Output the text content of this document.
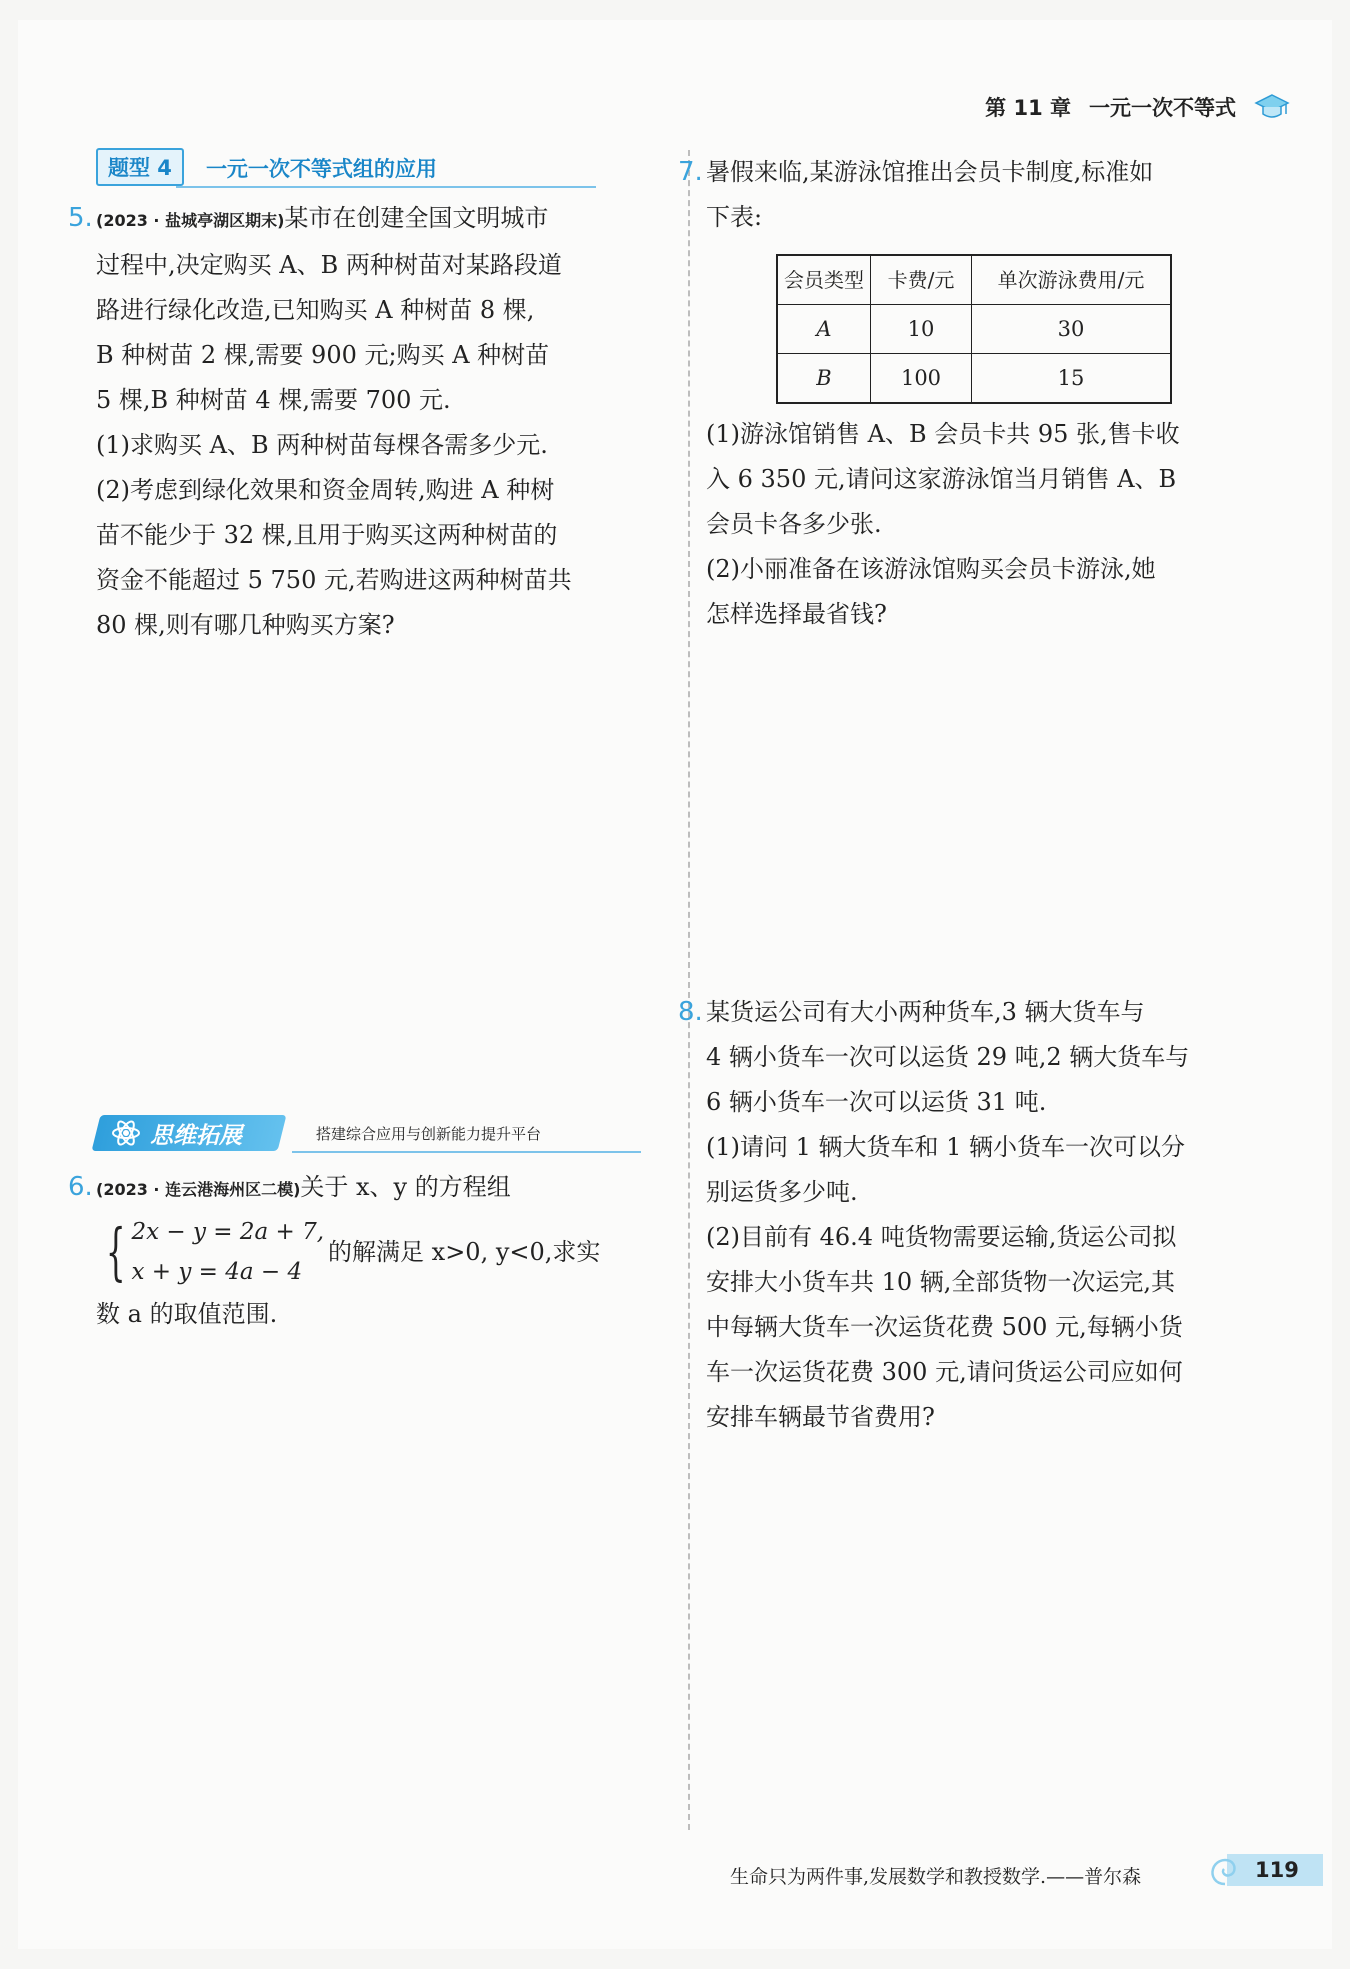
第 11 章 一元一次不等式
题型 4	一元一次不等式组的应用
5. (2023 · 盐城亭湖区期末)某市在创建全国文明城市
过程中,决定购买 A、B 两种树苗对某路段道
路进行绿化改造,已知购买 A 种树苗 8 棵,
B 种树苗 2 棵,需要 900 元;购买 A 种树苗
5 棵,B 种树苗 4 棵,需要 700 元.
(1)求购买 A、B 两种树苗每棵各需多少元.
(2)考虑到绿化效果和资金周转,购进 A 种树
苗不能少于 32 棵,且用于购买这两种树苗的
资金不能超过 5 750 元,若购进这两种树苗共
80 棵,则有哪几种购买方案?
思维拓展	搭建综合应用与创新能力提升平台
6. (2023 · 连云港海州区二模)关于 x、y 的方程组
{ 2x − y = 2a + 7,
x + y = 4a − 4
的解满足 x>0, y<0,求实
数 a 的取值范围.
7. 暑假来临,某游泳馆推出会员卡制度,标准如
下表:
会员类型	卡费/元	单次游泳费用/元
A	10	30
B	100	15
(1)游泳馆销售 A、B 会员卡共 95 张,售卡收
入 6 350 元,请问这家游泳馆当月销售 A、B
会员卡各多少张.
(2)小丽准备在该游泳馆购买会员卡游泳,她
怎样选择最省钱?
8. 某货运公司有大小两种货车,3 辆大货车与
4 辆小货车一次可以运货 29 吨,2 辆大货车与
6 辆小货车一次可以运货 31 吨.
(1)请问 1 辆大货车和 1 辆小货车一次可以分
别运货多少吨.
(2)目前有 46.4 吨货物需要运输,货运公司拟
安排大小货车共 10 辆,全部货物一次运完,其
中每辆大货车一次运货花费 500 元,每辆小货
车一次运货花费 300 元,请问货运公司应如何
安排车辆最节省费用?
生命只为两件事,发展数学和教授数学.——普尔森	119
